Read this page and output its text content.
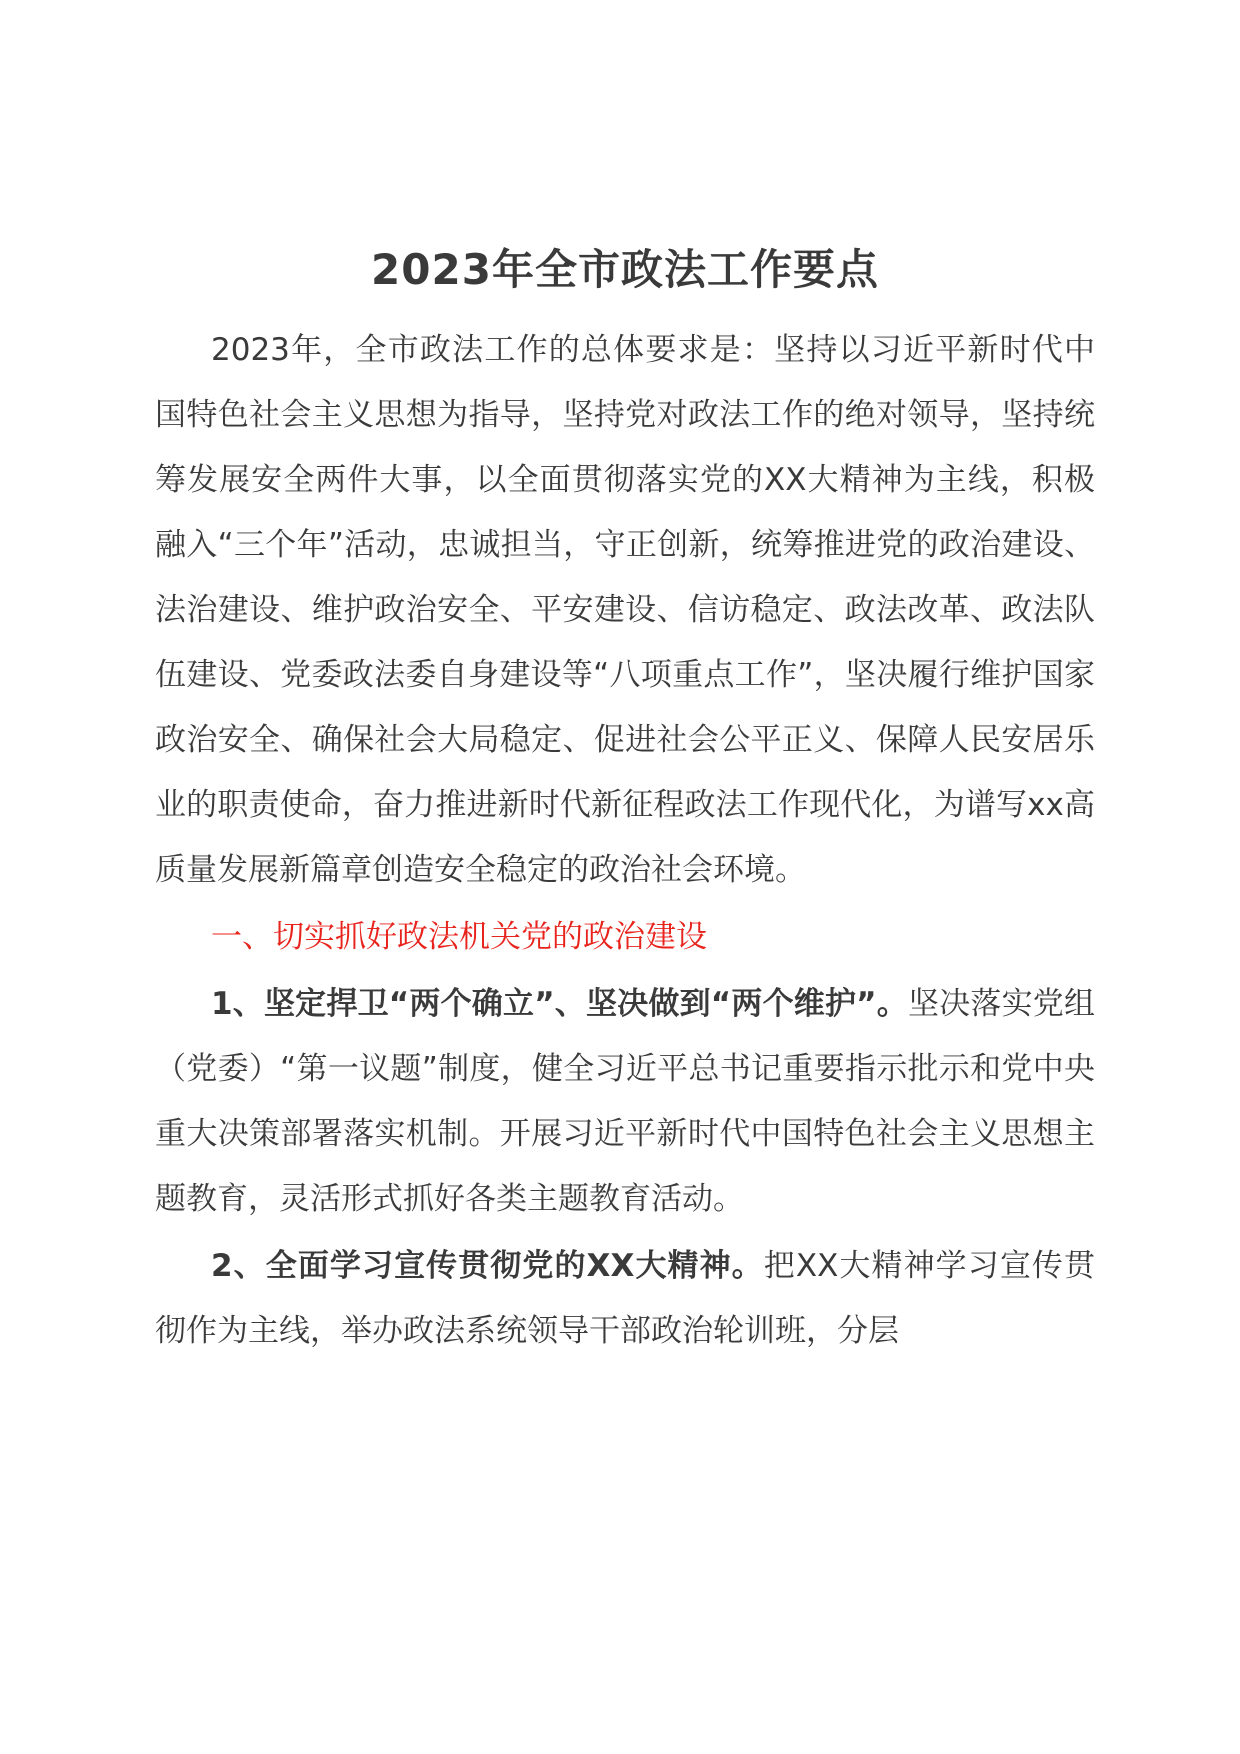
2023年全市政法工作要点

2023年，全市政法工作的总体要求是：坚持以习近平新时代中国特色社会主义思想为指导，坚持党对政法工作的绝对领导，坚持统筹发展安全两件大事，以全面贯彻落实党的XX大精神为主线，积极融入“三个年”活动，忠诚担当，守正创新，统筹推进党的政治建设、法治建设、维护政治安全、平安建设、信访稳定、政法改革、政法队伍建设、党委政法委自身建设等“八项重点工作”，坚决履行维护国家政治安全、确保社会大局稳定、促进社会公平正义、保障人民安居乐业的职责使命，奋力推进新时代新征程政法工作现代化，为谱写xx高质量发展新篇章创造安全稳定的政治社会环境。

一、切实抓好政法机关党的政治建设

1、坚定捍卫“两个确立”、坚决做到“两个维护”。坚决落实党组（党委）“第一议题”制度，健全习近平总书记重要指示批示和党中央重大决策部署落实机制。开展习近平新时代中国特色社会主义思想主题教育，灵活形式抓好各类主题教育活动。

2、全面学习宣传贯彻党的XX大精神。把XX大精神学习宣传贯彻作为主线，举办政法系统领导干部政治轮训班，分层
